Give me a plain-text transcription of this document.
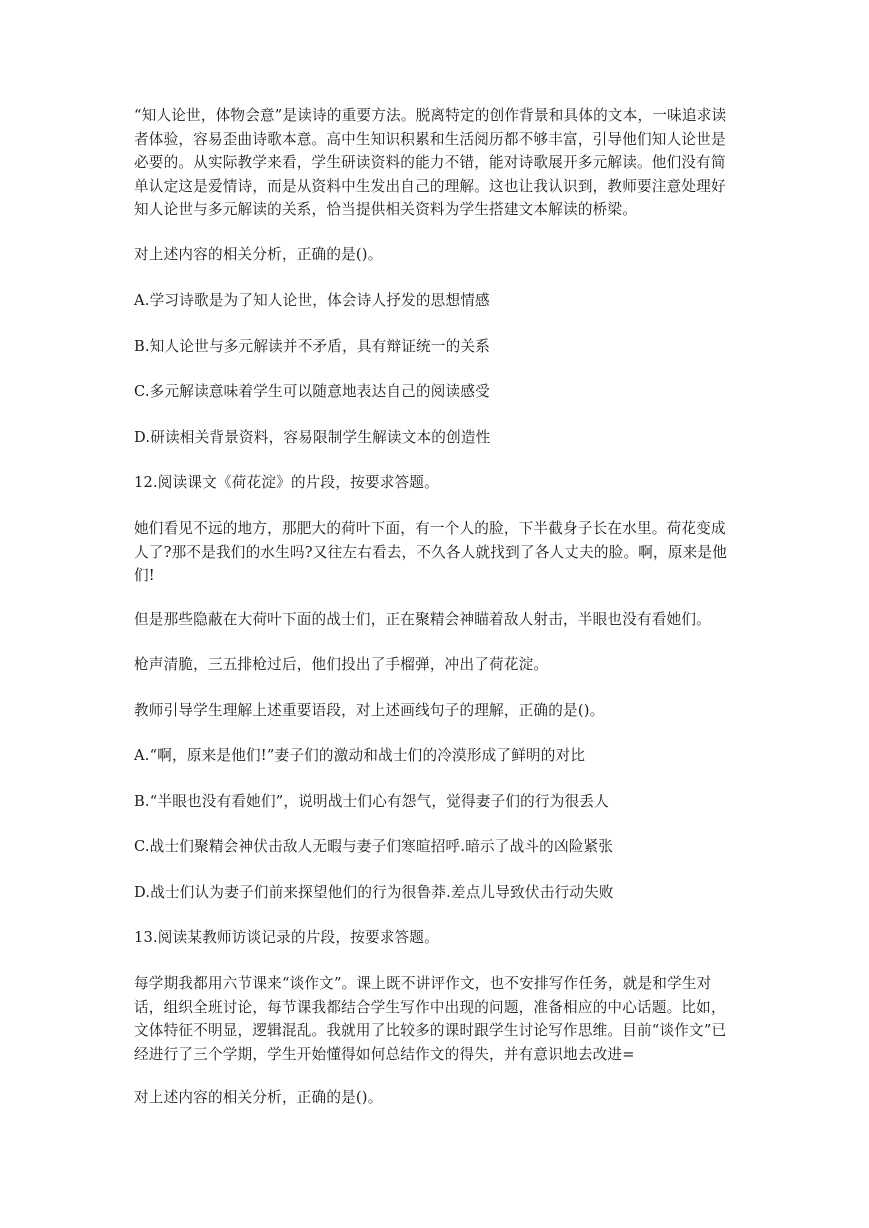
“知人论世，体物会意”是读诗的重要方法。脱离特定的创作背景和具体的文本，一味追求读者体验，容易歪曲诗歌本意。高中生知识积累和生活阅历都不够丰富，引导他们知人论世是必要的。从实际教学来看，学生研读资料的能力不错，能对诗歌展开多元解读。他们没有简单认定这是爱情诗，而是从资料中生发出自己的理解。这也让我认识到，教师要注意处理好知人论世与多元解读的关系，恰当提供相关资料为学生搭建文本解读的桥梁。

对上述内容的相关分析，正确的是()。

A.学习诗歌是为了知人论世，体会诗人抒发的思想情感

B.知人论世与多元解读并不矛盾，具有辩证统一的关系

C.多元解读意味着学生可以随意地表达自己的阅读感受

D.研读相关背景资料，容易限制学生解读文本的创造性

12.阅读课文《荷花淀》的片段，按要求答题。

她们看见不远的地方，那肥大的荷叶下面，有一个人的脸，下半截身子长在水里。荷花变成人了?那不是我们的水生吗?又往左右看去，不久各人就找到了各人丈夫的脸。啊，原来是他们!

但是那些隐蔽在大荷叶下面的战士们，正在聚精会神瞄着敌人射击，半眼也没有看她们。

枪声清脆，三五排枪过后，他们投出了手榴弹，冲出了荷花淀。

教师引导学生理解上述重要语段，对上述画线句子的理解，正确的是()。

A.“啊，原来是他们!”妻子们的激动和战士们的冷漠形成了鲜明的对比

B.“半眼也没有看她们”，说明战士们心有怨气，觉得妻子们的行为很丢人

C.战士们聚精会神伏击敌人无暇与妻子们寒暄招呼.暗示了战斗的凶险紧张

D.战士们认为妻子们前来探望他们的行为很鲁莽.差点儿导致伏击行动失败

13.阅读某教师访谈记录的片段，按要求答题。

每学期我都用六节课来“谈作文”。课上既不讲评作文，也不安排写作任务，就是和学生对话，组织全班讨论，每节课我都结合学生写作中出现的问题，准备相应的中心话题。比如，文体特征不明显，逻辑混乱。我就用了比较多的课时跟学生讨论写作思维。目前“谈作文”已经进行了三个学期，学生开始懂得如何总结作文的得失，并有意识地去改进=

对上述内容的相关分析，正确的是()。
